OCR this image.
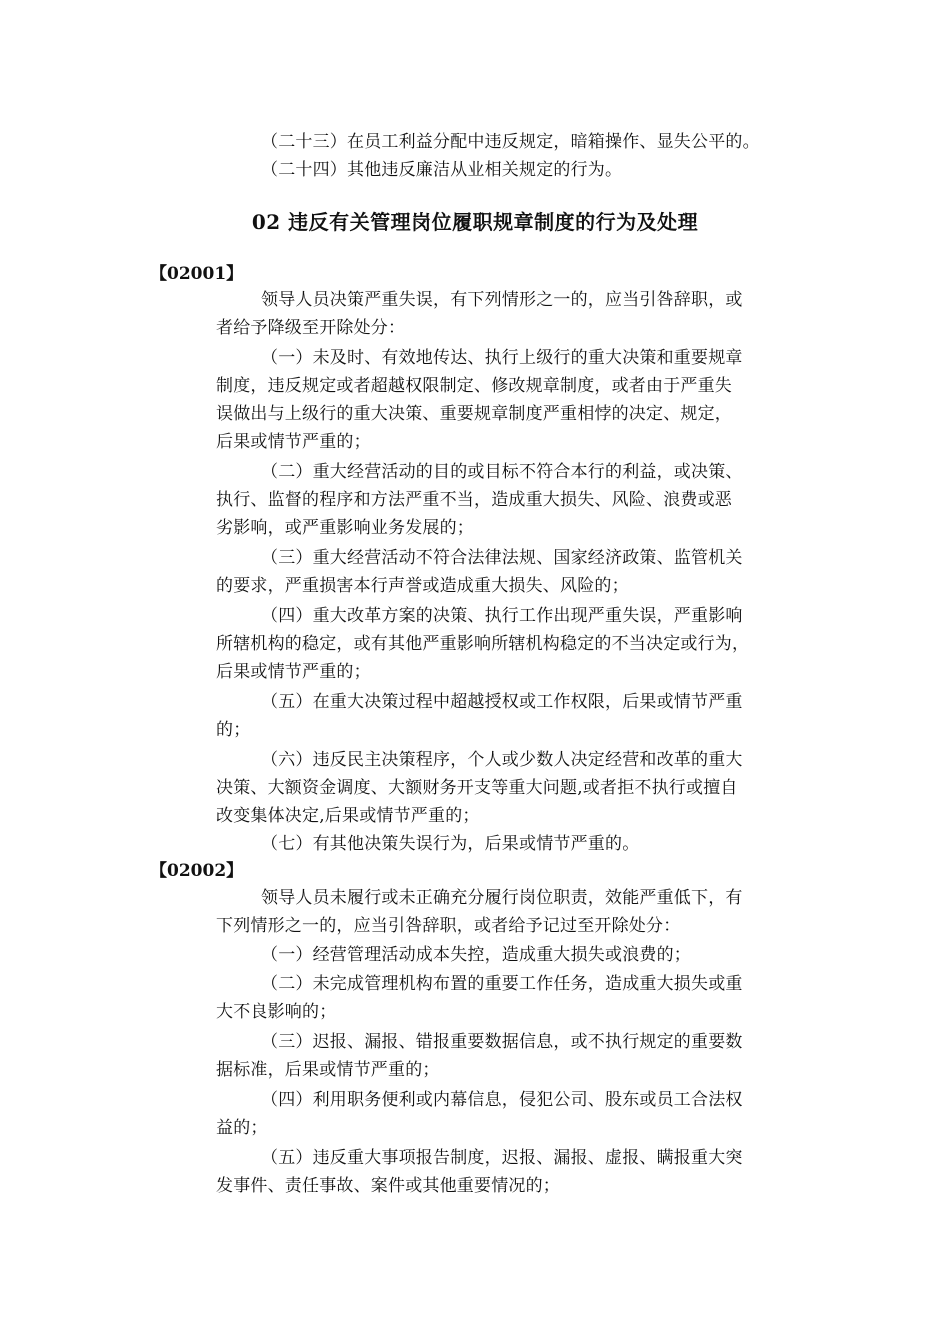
（二十三）在员工利益分配中违反规定，暗箱操作、显失公平的。
（二十四）其他违反廉洁从业相关规定的行为。
02 违反有关管理岗位履职规章制度的行为及处理
【02001】
领导人员决策严重失误，有下列情形之一的，应当引咎辞职，或
者给予降级至开除处分：
（一）未及时、有效地传达、执行上级行的重大决策和重要规章
制度，违反规定或者超越权限制定、修改规章制度，或者由于严重失
误做出与上级行的重大决策、重要规章制度严重相悖的决定、规定，
后果或情节严重的；
（二）重大经营活动的目的或目标不符合本行的利益，或决策、
执行、监督的程序和方法严重不当，造成重大损失、风险、浪费或恶
劣影响，或严重影响业务发展的；
（三）重大经营活动不符合法律法规、国家经济政策、监管机关
的要求，严重损害本行声誉或造成重大损失、风险的；
（四）重大改革方案的决策、执行工作出现严重失误，严重影响
所辖机构的稳定，或有其他严重影响所辖机构稳定的不当决定或行为，
后果或情节严重的；
（五）在重大决策过程中超越授权或工作权限，后果或情节严重
的；
（六）违反民主决策程序，个人或少数人决定经营和改革的重大
决策、大额资金调度、大额财务开支等重大问题,或者拒不执行或擅自
改变集体决定,后果或情节严重的；
（七）有其他决策失误行为，后果或情节严重的。
【02002】
领导人员未履行或未正确充分履行岗位职责，效能严重低下，有
下列情形之一的，应当引咎辞职，或者给予记过至开除处分：
（一）经营管理活动成本失控，造成重大损失或浪费的；
（二）未完成管理机构布置的重要工作任务，造成重大损失或重
大不良影响的；
（三）迟报、漏报、错报重要数据信息，或不执行规定的重要数
据标准，后果或情节严重的；
（四）利用职务便利或内幕信息，侵犯公司、股东或员工合法权
益的；
（五）违反重大事项报告制度，迟报、漏报、虚报、瞒报重大突
发事件、责任事故、案件或其他重要情况的；
